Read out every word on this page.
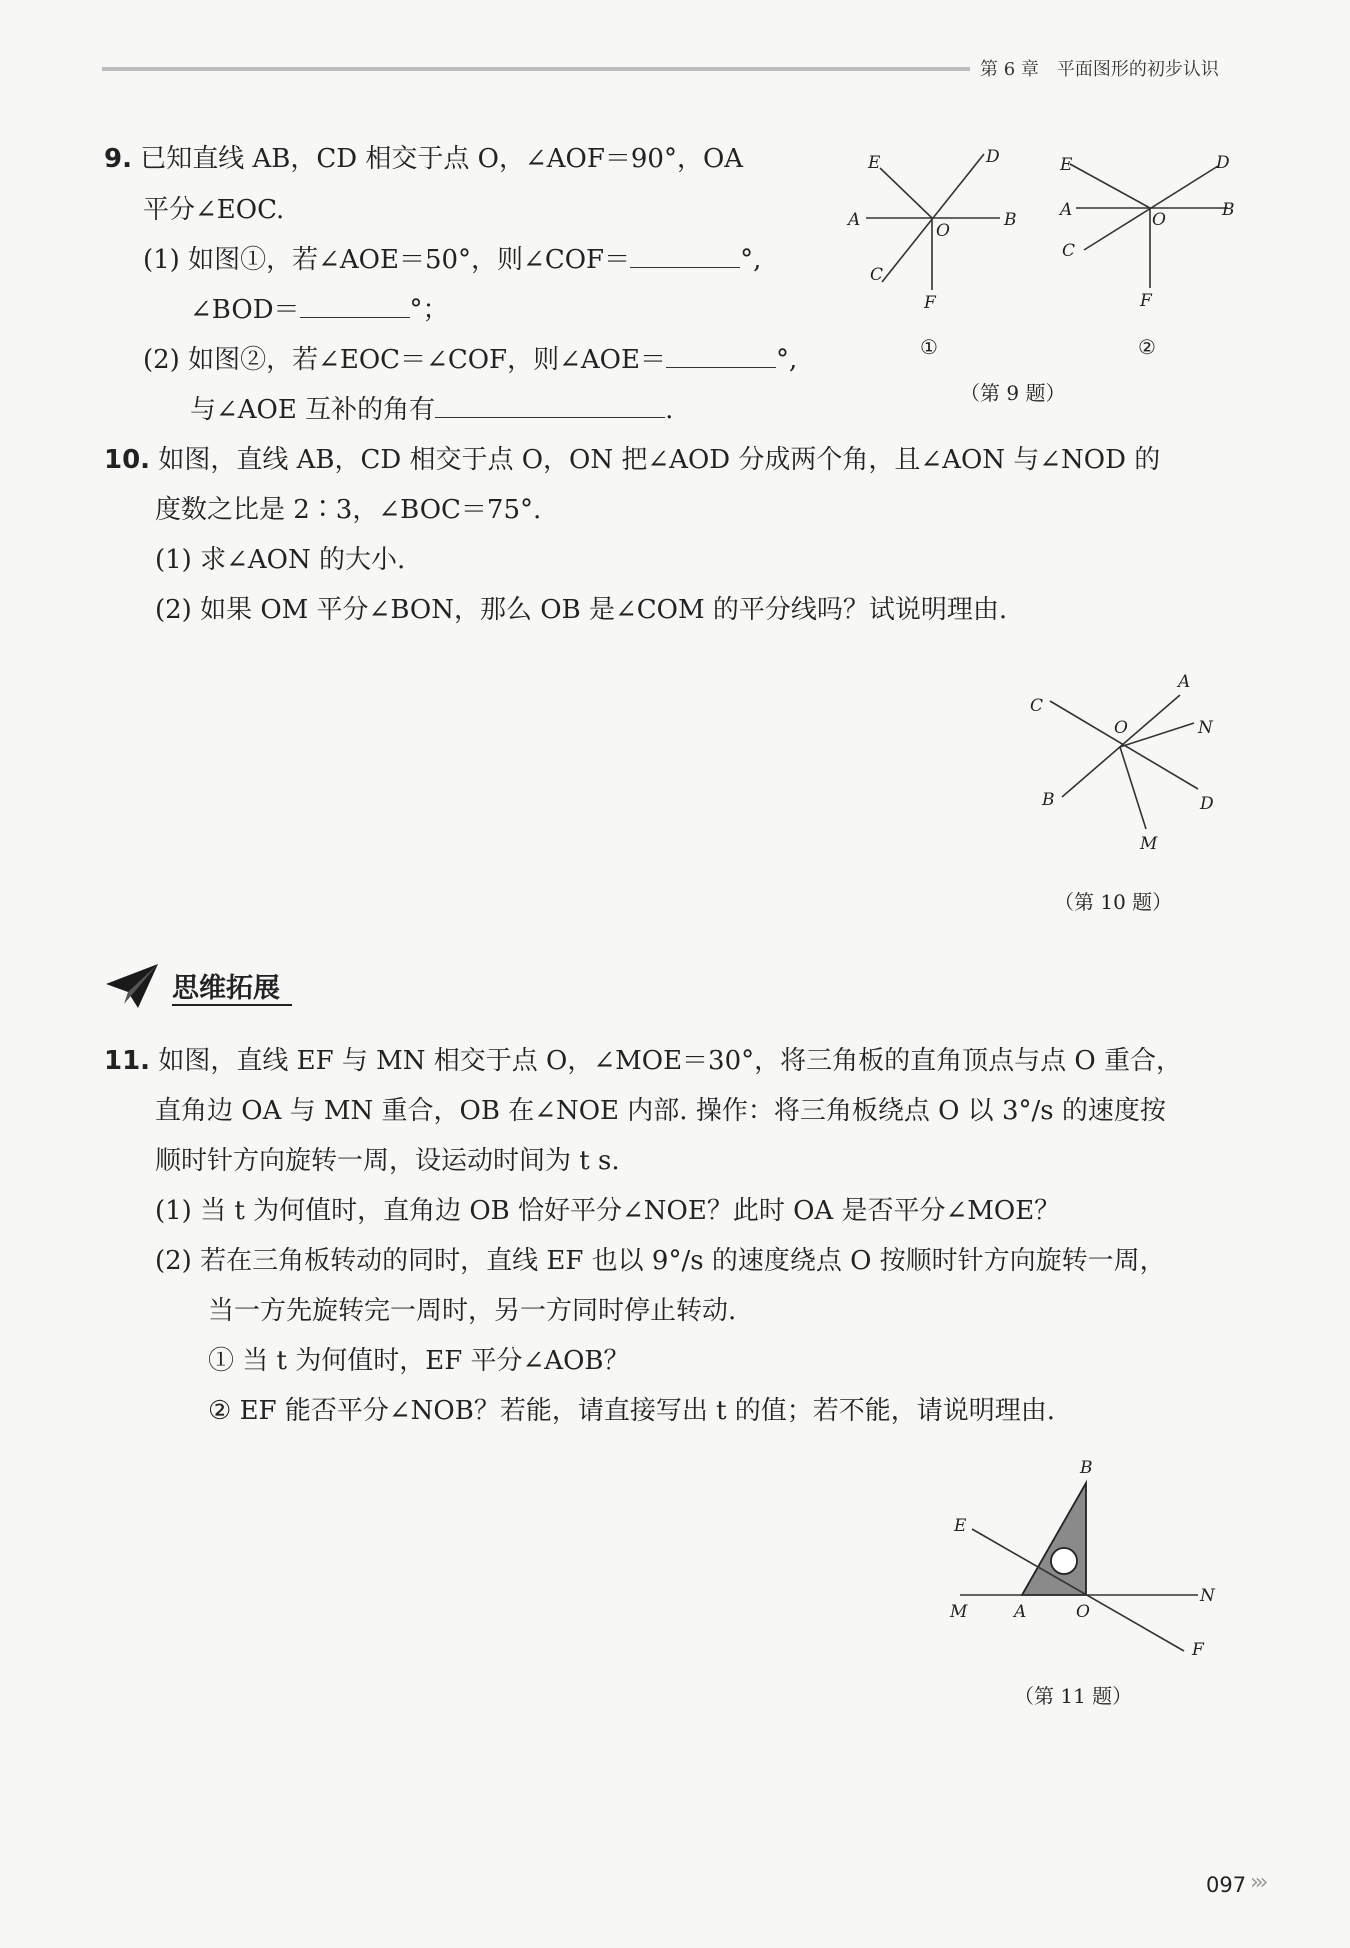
第 6 章　平面图形的初步认识
9. 已知直线 AB，CD 相交于点 O，∠AOF＝90°，OA
平分∠EOC.
(1) 如图①，若∠AOE＝50°，则∠COF＝	°,
∠BOD＝	°；
(2) 如图②，若∠EOC＝∠COF，则∠AOE＝	°,
与∠AOE 互补的角有	.
E	D
A	B
O
C
F
①
E	D
A	B
O
C
F
②
（第 9 题）
10. 如图，直线 AB，CD 相交于点 O，ON 把∠AOD 分成两个角，且∠AON 与∠NOD 的
度数之比是 2∶3，∠BOC＝75°.
(1) 求∠AON 的大小.
(2) 如果 OM 平分∠BON，那么 OB 是∠COM 的平分线吗？试说明理由.
A
C
O	N
B	D
M
（第 10 题）
思维拓展
11. 如图，直线 EF 与 MN 相交于点 O，∠MOE＝30°，将三角板的直角顶点与点 O 重合，
直角边 OA 与 MN 重合，OB 在∠NOE 内部. 操作：将三角板绕点 O 以 3°/s 的速度按
顺时针方向旋转一周，设运动时间为 t s.
(1) 当 t 为何值时，直角边 OB 恰好平分∠NOE？此时 OA 是否平分∠MOE？
(2) 若在三角板转动的同时，直线 EF 也以 9°/s 的速度绕点 O 按顺时针方向旋转一周，
当一方先旋转完一周时，另一方同时停止转动.
① 当 t 为何值时，EF 平分∠AOB？
② EF 能否平分∠NOB？若能，请直接写出 t 的值；若不能，请说明理由.
B
E
M	A	O
N
F
（第 11 题）
097 ›››
